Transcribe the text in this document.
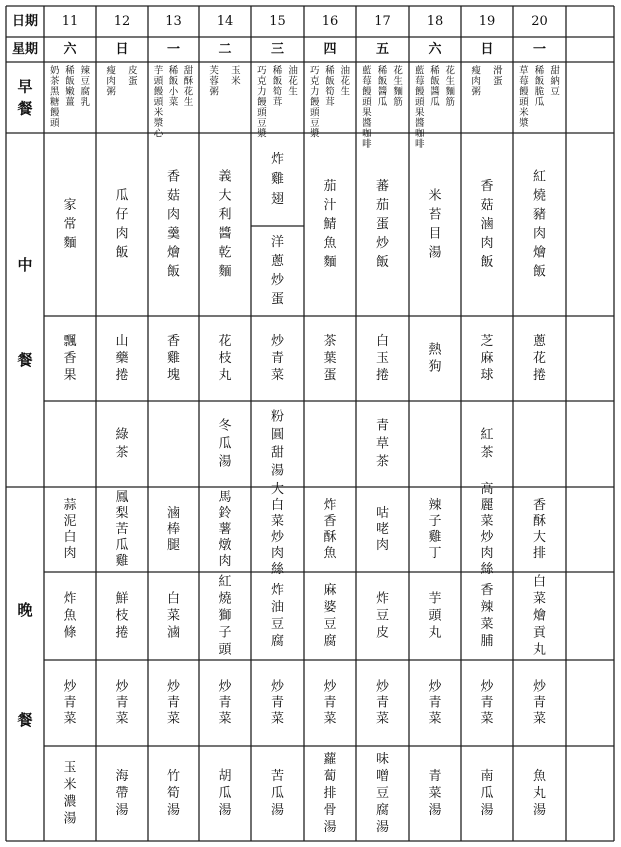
日期
星期
11
六
12
日
13
一
14
二
15
三
16
四
17
五
18
六
19
日
20
一
早餐
中
餐
晚
餐
辣豆腐乳
稀飯嫩薑
奶茶黑糖饅頭
皮蛋
瘦肉粥
甜酥花生
稀飯小菜
芋頭饅頭米漿心
玉米
芙蓉粥
油花生
稀飯筍茸
巧克力饅頭豆漿
油花生
稀飯筍茸
巧克力饅頭豆漿
花生麵筋
稀飯醬瓜
藍莓饅頭果醬咖啡
花生麵筋
稀飯醬瓜
藍莓饅頭果醬咖啡
滑蛋
瘦肉粥
甜納豆
稀飯脆瓜
草莓饅頭米漿
家常麵
瓜仔肉飯
香菇肉羹燴飯
義大利醬乾麵
炸雞翅
茄汁鯖魚麵
蕃茄蛋炒飯
米苔目湯
香菇滷肉飯
紅燒豬肉燴飯
洋蔥炒蛋
飄香果
山藥捲
香雞塊
花枝丸
炒青菜
茶葉蛋
白玉捲
熱狗
芝麻球
蔥花捲
綠茶
冬瓜湯
粉圓甜湯
青草茶
紅茶
蒜泥白肉
鳳梨苦瓜雞
滷棒腿
馬鈴薯燉肉
大白菜炒肉絲
炸香酥魚
咕咾肉
辣子雞丁
高麗菜炒肉絲
香酥大排
炸魚條
鮮枝捲
白菜滷
紅燒獅子頭
炸油豆腐
麻婆豆腐
炸豆皮
芋頭丸
香辣菜脯
白菜燴貢丸
炒青菜
炒青菜
炒青菜
炒青菜
炒青菜
炒青菜
炒青菜
炒青菜
炒青菜
炒青菜
玉米濃湯
海帶湯
竹筍湯
胡瓜湯
苦瓜湯
蘿蔔排骨湯
味噌豆腐湯
青菜湯
南瓜湯
魚丸湯
